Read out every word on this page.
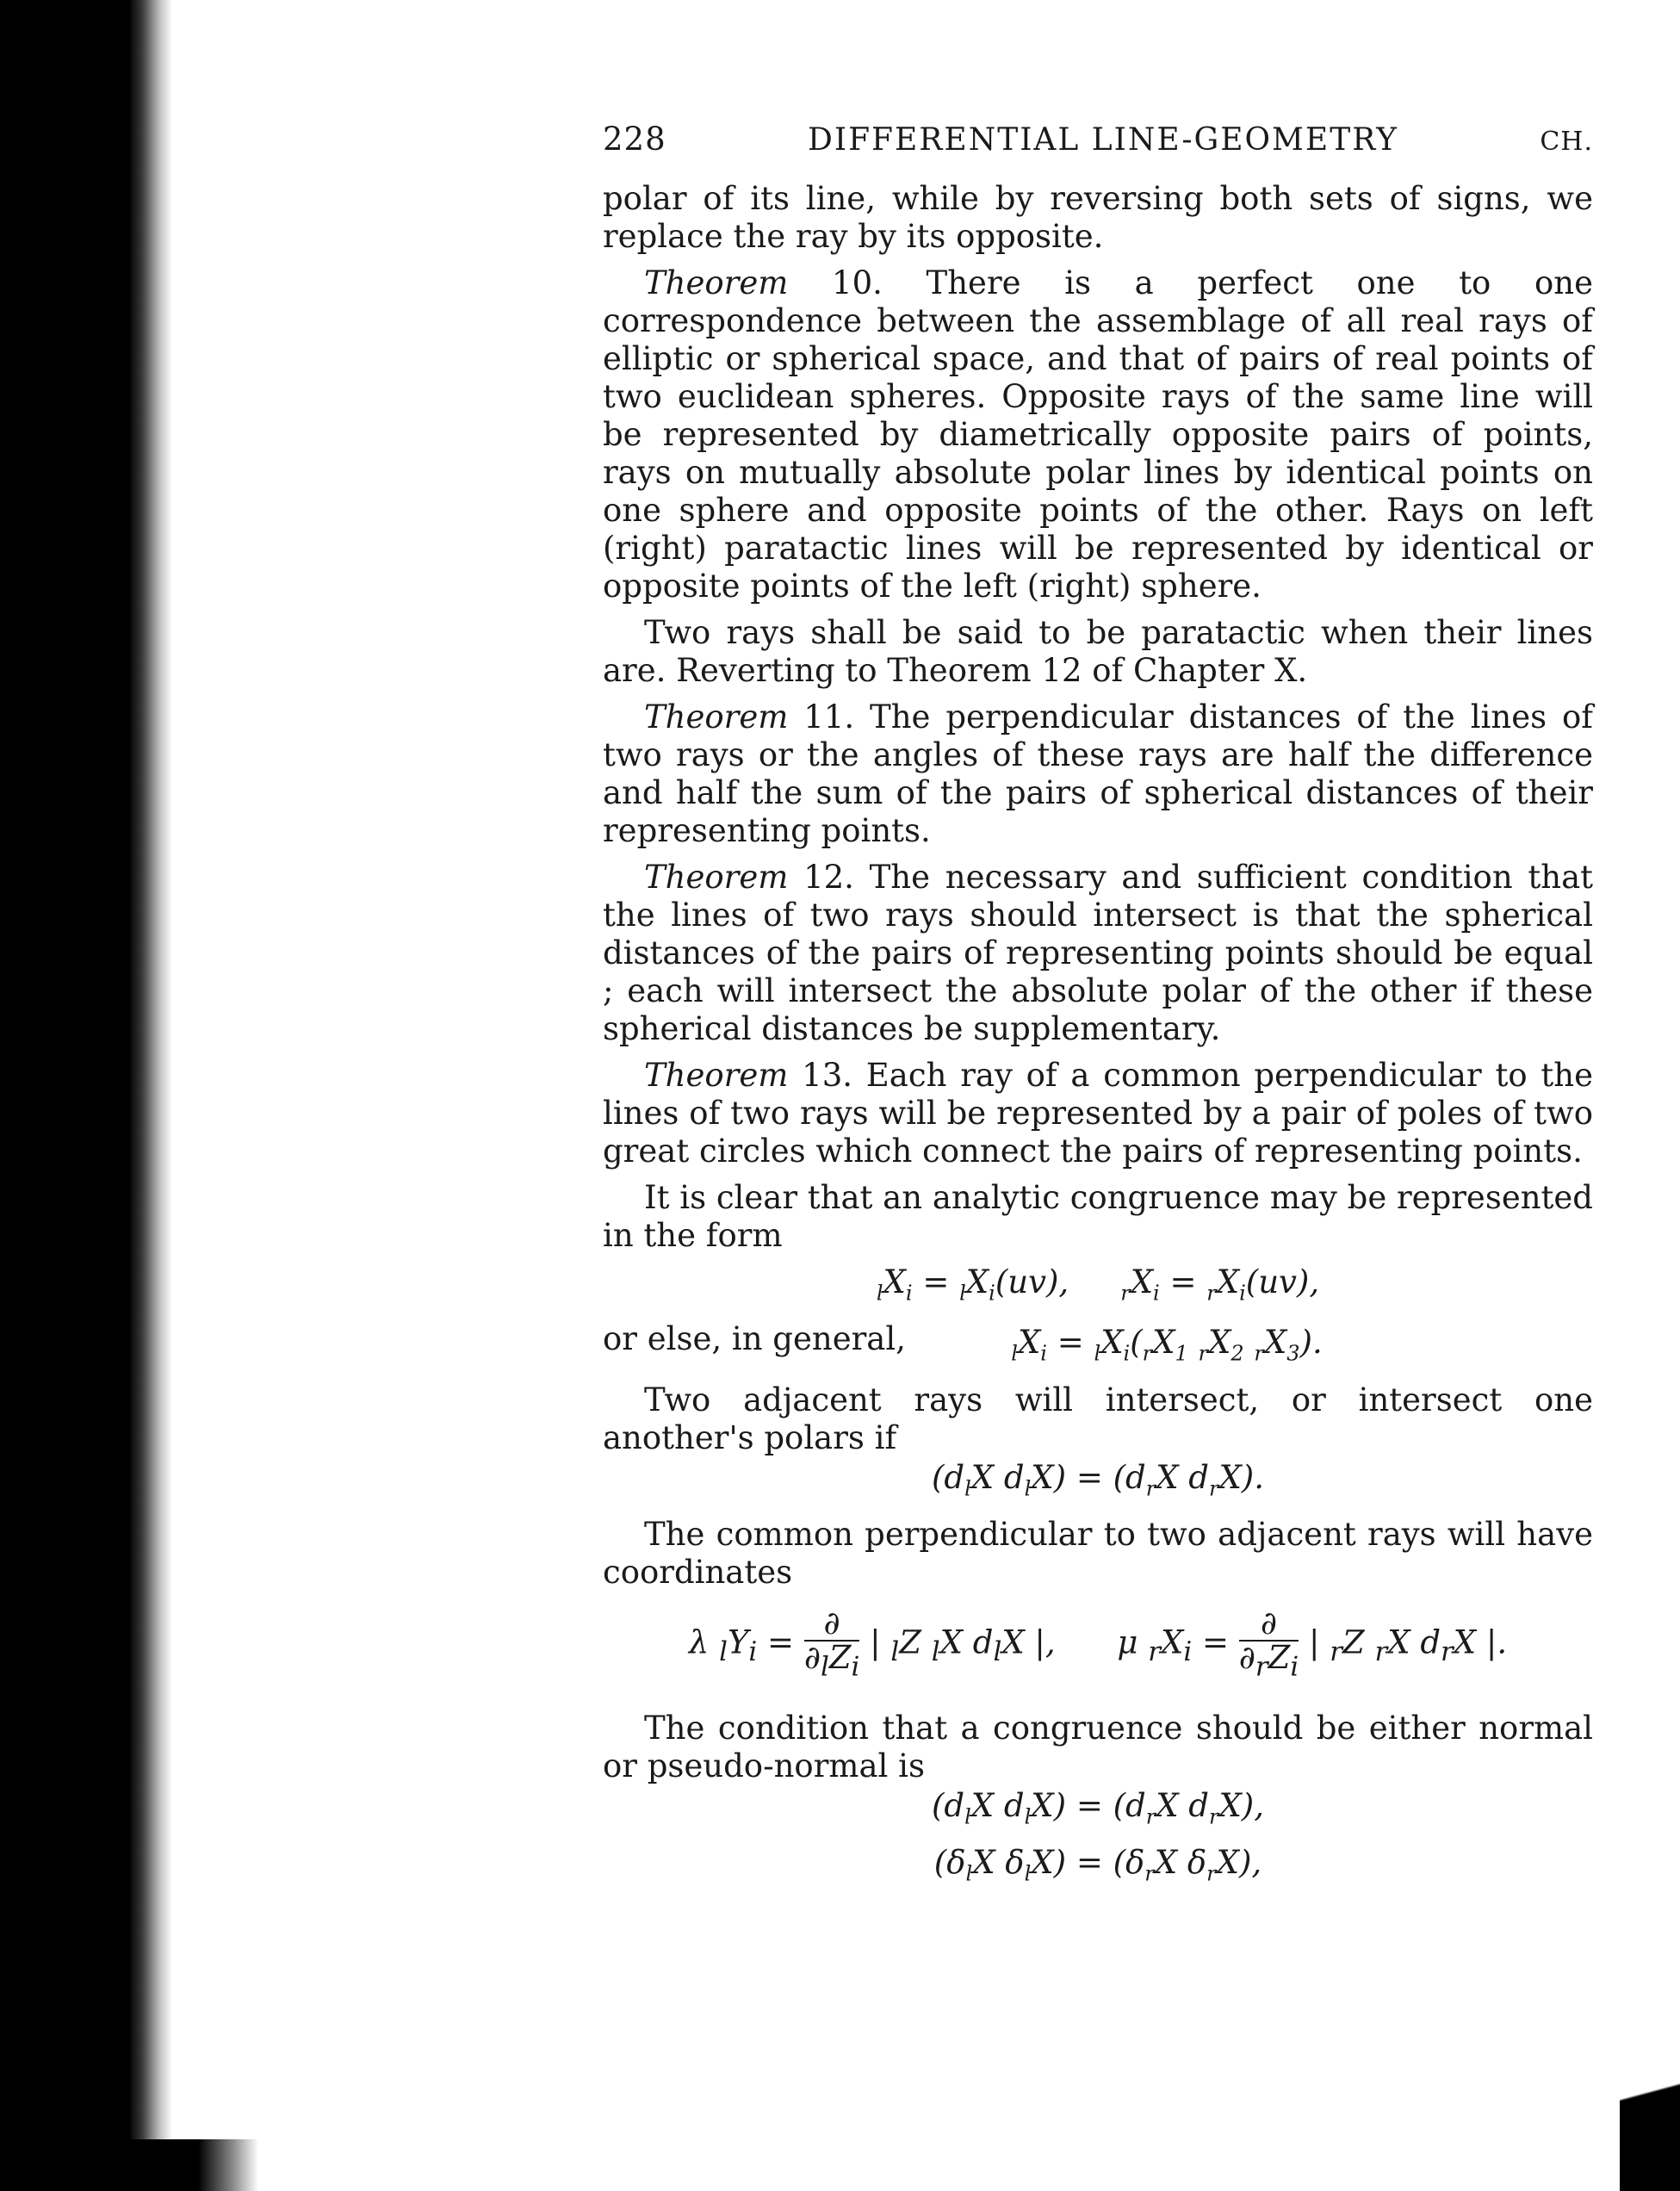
228	DIFFERENTIAL LINE-GEOMETRY	CH.

polar of its line, while by reversing both sets of signs, we replace the ray by its opposite.

Theorem 10. There is a perfect one to one correspondence between the assemblage of all real rays of elliptic or spherical space, and that of pairs of real points of two euclidean spheres. Opposite rays of the same line will be represented by diametrically opposite pairs of points, rays on mutually absolute polar lines by identical points on one sphere and opposite points of the other. Rays on left (right) paratactic lines will be represented by identical or opposite points of the left (right) sphere.

Two rays shall be said to be paratactic when their lines are. Reverting to Theorem 12 of Chapter X.

Theorem 11. The perpendicular distances of the lines of two rays or the angles of these rays are half the difference and half the sum of the pairs of spherical distances of their representing points.

Theorem 12. The necessary and sufficient condition that the lines of two rays should intersect is that the spherical distances of the pairs of representing points should be equal ; each will intersect the absolute polar of the other if these spherical distances be supplementary.

Theorem 13. Each ray of a common perpendicular to the lines of two rays will be represented by a pair of poles of two great circles which connect the pairs of representing points.

It is clear that an analytic congruence may be represented in the form

$_lX_i = _lX_i(uv)$,	$_rX_i = _rX_i(uv)$,

or else, in general,	$_lX_i = _lX_i(_rX_1$ $_rX_2$ $_rX_3$).

Two adjacent rays will intersect, or intersect one another's polars if

($d_lX$ $d_lX) = (d_rX$ $d_rX$).

The common perpendicular to two adjacent rays will have coordinates

λ $_lY_i = \frac{\partial}{\partial_lZ_i}$ | $_l$Z $_l$X $d_lX$ |, μ $_rX_i = \frac{\partial}{\partial_rZ_i}$ | $_r$Z $_r$X $d_rX$ |.

The condition that a congruence should be either normal or pseudo-normal is

($d_lX$ $d_lX) = (d_rX$ $d_rX$),
($\delta_lX$ $\delta_lX) = (\delta_rX$ $\delta_rX$),
